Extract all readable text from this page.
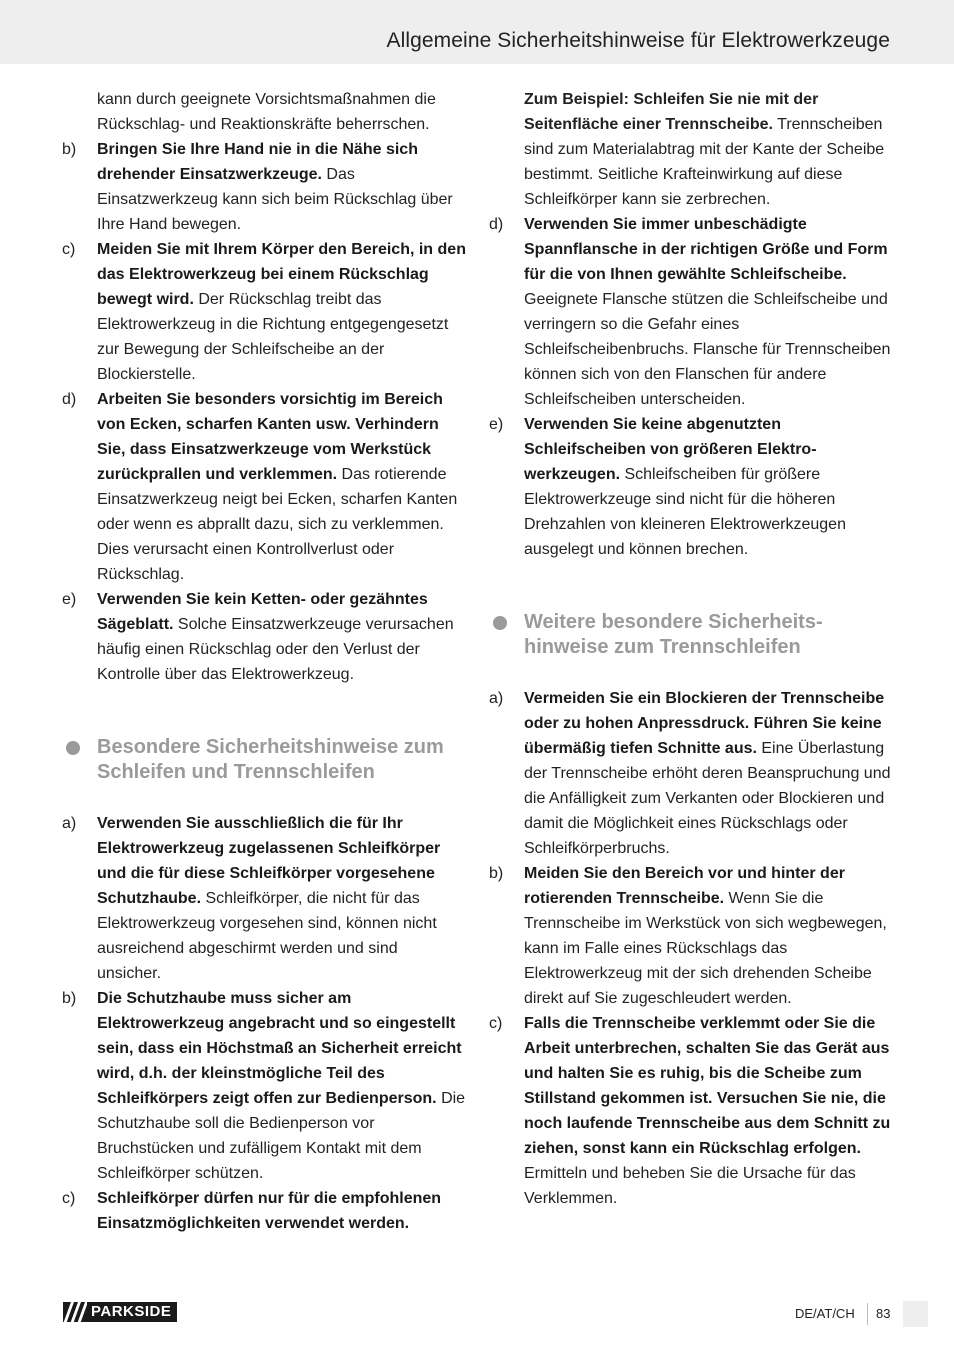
Allgemeine Sicherheitshinweise für Elektrowerkzeuge
kann durch geeignete Vorsichtsmaßnahmen die Rückschlag- und Reaktionskräfte beherrschen.
b) Bringen Sie Ihre Hand nie in die Nähe sich drehender Einsatzwerkzeuge. Das Einsatzwerkzeug kann sich beim Rückschlag über Ihre Hand bewegen.
c) Meiden Sie mit Ihrem Körper den Bereich, in den das Elektrowerkzeug bei einem Rückschlag bewegt wird. Der Rückschlag treibt das Elektrowerkzeug in die Richtung entgegengesetzt zur Bewegung der Schleifscheibe an der Blockierstelle.
d) Arbeiten Sie besonders vorsichtig im Bereich von Ecken, scharfen Kanten usw. Verhindern Sie, dass Einsatzwerkzeuge vom Werkstück zurückprallen und verklemmen. Das rotierende Einsatzwerkzeug neigt bei Ecken, scharfen Kanten oder wenn es abprallt dazu, sich zu verklemmen. Dies verursacht einen Kontrollverlust oder Rückschlag.
e) Verwenden Sie kein Ketten- oder gezähntes Sägeblatt. Solche Einsatzwerkzeuge verursachen häufig einen Rückschlag oder den Verlust der Kontrolle über das Elektrowerkzeug.
Besondere Sicherheitshinweise zum Schleifen und Trennschleifen
a) Verwenden Sie ausschließlich die für Ihr Elektrowerkzeug zugelassenen Schleifkörper und die für diese Schleifkörper vorgesehene Schutzhaube. Schleifkörper, die nicht für das Elektrowerkzeug vorgesehen sind, können nicht ausreichend abgeschirmt werden und sind unsicher.
b) Die Schutzhaube muss sicher am Elektrowerkzeug angebracht und so eingestellt sein, dass ein Höchstmaß an Sicherheit erreicht wird, d.h. der kleinstmögliche Teil des Schleifkörpers zeigt offen zur Bedienperson. Die Schutzhaube soll die Bedienperson vor Bruchstücken und zufälligem Kontakt mit dem Schleifkörper schützen.
c) Schleifkörper dürfen nur für die empfohlenen Einsatzmöglichkeiten verwendet werden.
Zum Beispiel: Schleifen Sie nie mit der Seitenfläche einer Trennscheibe. Trennscheiben sind zum Materialabtrag mit der Kante der Scheibe bestimmt. Seitliche Krafteinwirkung auf diese Schleifkörper kann sie zerbrechen.
d) Verwenden Sie immer unbeschädigte Spannflansche in der richtigen Größe und Form für die von Ihnen gewählte Schleifscheibe. Geeignete Flansche stützen die Schleifscheibe und verringern so die Gefahr eines Schleifscheibenbruchs. Flansche für Trennscheiben können sich von den Flanschen für andere Schleifscheiben unterscheiden.
e) Verwenden Sie keine abgenutzten Schleifscheiben von größeren Elektrowerkzeugen. Schleifscheiben für größere Elektrowerkzeuge sind nicht für die höheren Drehzahlen von kleineren Elektrowerkzeugen ausgelegt und können brechen.
Weitere besondere Sicherheitshinweise zum Trennschleifen
a) Vermeiden Sie ein Blockieren der Trennscheibe oder zu hohen Anpressdruck. Führen Sie keine übermäßig tiefen Schnitte aus. Eine Überlastung der Trennscheibe erhöht deren Beanspruchung und die Anfälligkeit zum Verkanten oder Blockieren und damit die Möglichkeit eines Rückschlags oder Schleifkörperbruchs.
b) Meiden Sie den Bereich vor und hinter der rotierenden Trennscheibe. Wenn Sie die Trennscheibe im Werkstück von sich wegbewegen, kann im Falle eines Rückschlags das Elektrowerkzeug mit der sich drehenden Scheibe direkt auf Sie zugeschleudert werden.
c) Falls die Trennscheibe verklemmt oder Sie die Arbeit unterbrechen, schalten Sie das Gerät aus und halten Sie es ruhig, bis die Scheibe zum Stillstand gekommen ist. Versuchen Sie nie, die noch laufende Trennscheibe aus dem Schnitt zu ziehen, sonst kann ein Rückschlag erfolgen. Ermitteln und beheben Sie die Ursache für das Verklemmen.
PARKSIDE	DE/AT/CH 83
